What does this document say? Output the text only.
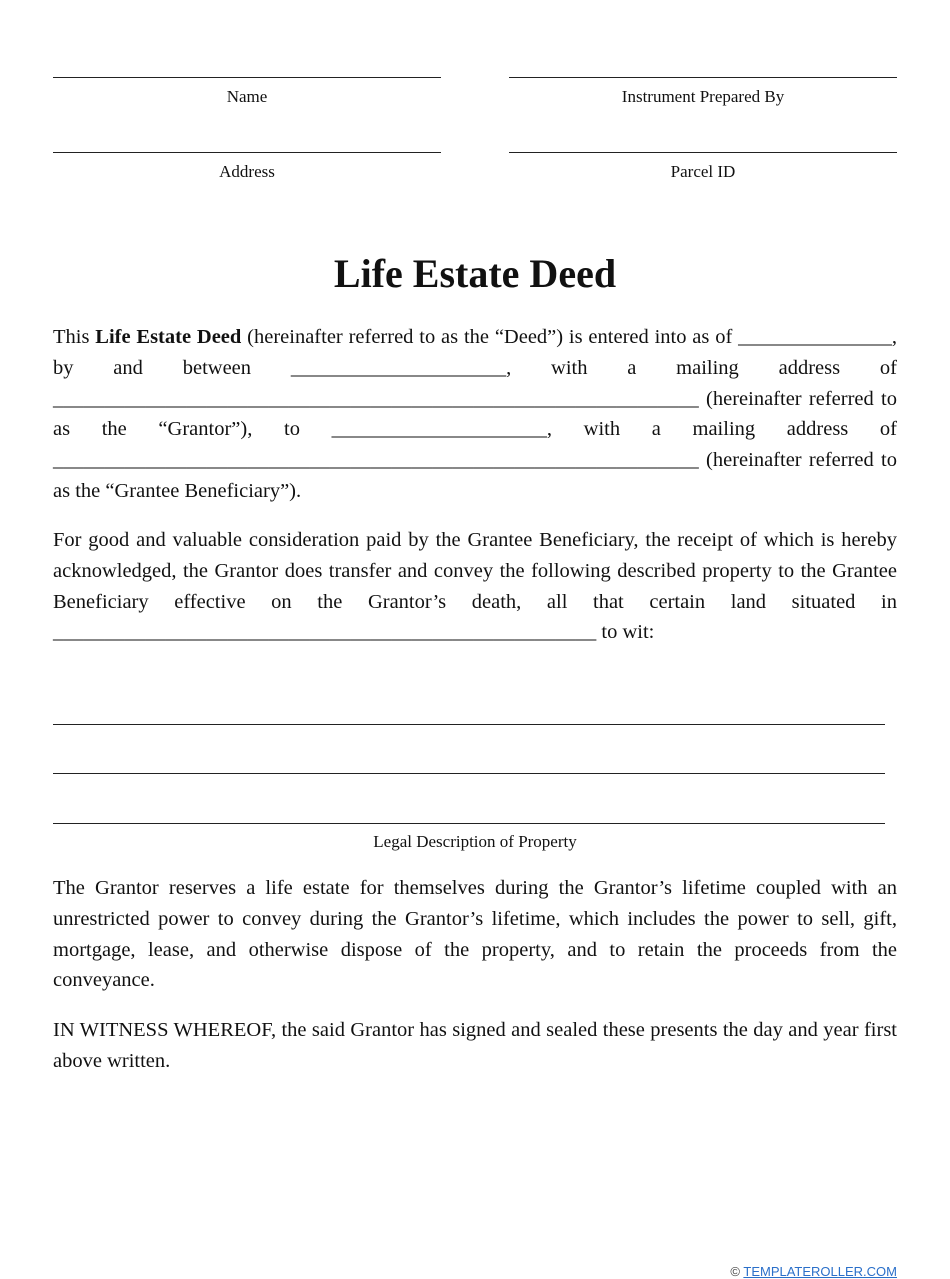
Name	Instrument Prepared By
Address	Parcel ID
Life Estate Deed

This Life Estate Deed (hereinafter referred to as the “Deed”) is entered into as of _______________, by and between _____________________, with a mailing address of _______________________________________________________________ (hereinafter referred to as the “Grantor”), to _____________________, with a mailing address of _______________________________________________________________ (hereinafter referred to as the “Grantee Beneficiary”).

For good and valuable consideration paid by the Grantee Beneficiary, the receipt of which is hereby acknowledged, the Grantor does transfer and convey the following described property to the Grantee Beneficiary effective on the Grantor’s death, all that certain land situated in _____________________________________________________ to wit:

Legal Description of Property

The Grantor reserves a life estate for themselves during the Grantor’s lifetime coupled with an unrestricted power to convey during the Grantor’s lifetime, which includes the power to sell, gift, mortgage, lease, and otherwise dispose of the property, and to retain the proceeds from the conveyance.

IN WITNESS WHEREOF, the said Grantor has signed and sealed these presents the day and year first above written.

© TEMPLATEROLLER.COM
